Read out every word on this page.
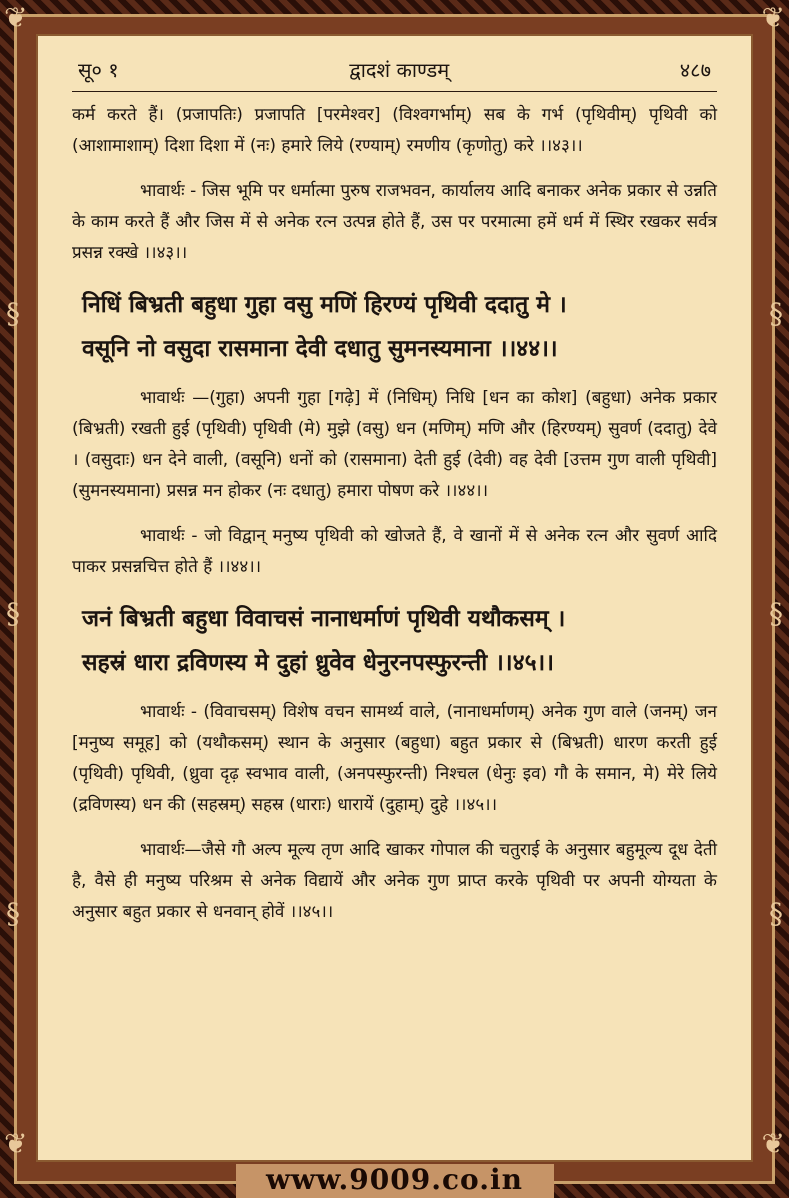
❦	❦
❦	❦
§
§
§
§
§
§
सू० १	द्वादशं काण्डम्	४८७

कर्म करते हैं। (प्रजापतिः) प्रजापति [परमेश्वर] (विश्वगर्भाम्) सब के गर्भ (पृथिवीम्) पृथिवी को (आशामाशाम्) दिशा दिशा में (नः) हमारे लिये (रण्याम्) रमणीय (कृणोतु) करे ।।४३।।

भावार्थः - जिस भूमि पर धर्मात्मा पुरुष राजभवन, कार्यालय आदि बनाकर अनेक प्रकार से उन्नति के काम करते हैं और जिस में से अनेक रत्न उत्पन्न होते हैं, उस पर परमात्मा हमें धर्म में स्थिर रखकर सर्वत्र प्रसन्न रक्खे ।।४३।।

निधिं बिभ्रती बहुधा गुहा वसु मणिं हिरण्यं पृथिवी ददातु मे ।
वसूनि नो वसुदा रासमाना देवी दधातु सुमनस्यमाना ।।४४।।

भावार्थः —(गुहा) अपनी गुहा [गढ़े] में (निधिम्) निधि [धन का कोश] (बहुधा) अनेक प्रकार (बिभ्रती) रखती हुई (पृथिवी) पृथिवी (मे) मुझे (वसु) धन (मणिम्) मणि और (हिरण्यम्) सुवर्ण (ददातु) देवे । (वसुदाः) धन देने वाली, (वसूनि) धनों को (रासमाना) देती हुई (देवी) वह देवी [उत्तम गुण वाली पृथिवी] (सुमनस्यमाना) प्रसन्न मन होकर (नः दधातु) हमारा पोषण करे ।।४४।।

भावार्थः - जो विद्वान् मनुष्य पृथिवी को खोजते हैं, वे खानों में से अनेक रत्न और सुवर्ण आदि पाकर प्रसन्नचित्त होते हैं ।।४४।।

जनं बिभ्रती बहुधा विवाचसं नानाधर्माणं पृथिवी यथौकसम् ।
सहस्रं धारा द्रविणस्य मे दुहां ध्रुवेव धेनुरनपस्फुरन्ती ।।४५।।

भावार्थः - (विवाचसम्) विशेष वचन सामर्थ्य वाले, (नानाधर्माणम्) अनेक गुण वाले (जनम्) जन [मनुष्य समूह] को (यथौकसम्) स्थान के अनुसार (बहुधा) बहुत प्रकार से (बिभ्रती) धारण करती हुई (पृथिवी) पृथिवी, (ध्रुवा दृढ़ स्वभाव वाली, (अनपस्फुरन्ती) निश्चल (धेनुः इव) गौ के समान, मे) मेरे लिये (द्रविणस्य) धन की (सहस्रम्) सहस्र (धाराः) धारायें (दुहाम्) दुहे ।।४५।।

भावार्थः—जैसे गौ अल्प मूल्य तृण आदि खाकर गोपाल की चतुराई के अनुसार बहुमूल्य दूध देती है, वैसे ही मनुष्य परिश्रम से अनेक विद्यायें और अनेक गुण प्राप्त करके पृथिवी पर अपनी योग्यता के अनुसार बहुत प्रकार से धनवान् होवें ।।४५।।

www.9009.co.in
